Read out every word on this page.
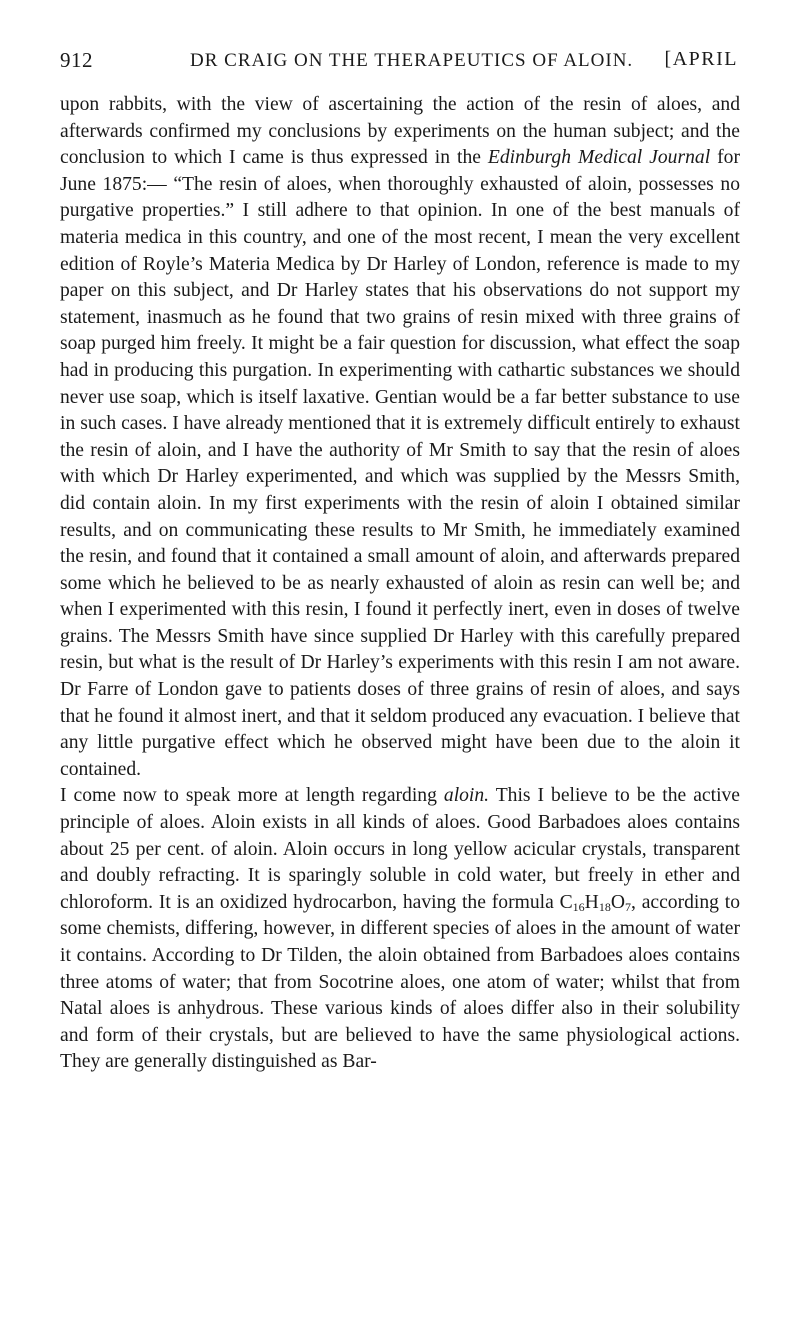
912	DR CRAIG ON THE THERAPEUTICS OF ALOIN. [APRIL

upon rabbits, with the view of ascertaining the action of the resin of aloes, and afterwards confirmed my conclusions by experiments on the human subject; and the conclusion to which I came is thus expressed in the Edinburgh Medical Journal for June 1875:— “The resin of aloes, when thoroughly exhausted of aloin, possesses no purgative properties.” I still adhere to that opinion. In one of the best manuals of materia medica in this country, and one of the most recent, I mean the very excellent edition of Royle’s Materia Medica by Dr Harley of London, reference is made to my paper on this subject, and Dr Harley states that his observations do not support my statement, inasmuch as he found that two grains of resin mixed with three grains of soap purged him freely. It might be a fair question for discussion, what effect the soap had in producing this purgation. In experimenting with cathartic substances we should never use soap, which is itself laxative. Gentian would be a far better substance to use in such cases. I have already mentioned that it is extremely difficult entirely to exhaust the resin of aloin, and I have the authority of Mr Smith to say that the resin of aloes with which Dr Harley experimented, and which was supplied by the Messrs Smith, did contain aloin. In my first experiments with the resin of aloin I obtained similar results, and on communicating these results to Mr Smith, he immediately examined the resin, and found that it contained a small amount of aloin, and afterwards prepared some which he believed to be as nearly exhausted of aloin as resin can well be; and when I experimented with this resin, I found it perfectly inert, even in doses of twelve grains. The Messrs Smith have since supplied Dr Harley with this carefully prepared resin, but what is the result of Dr Harley’s experiments with this resin I am not aware. Dr Farre of London gave to patients doses of three grains of resin of aloes, and says that he found it almost inert, and that it seldom produced any evacuation. I believe that any little purgative effect which he observed might have been due to the aloin it contained.

I come now to speak more at length regarding aloin. This I believe to be the active principle of aloes. Aloin exists in all kinds of aloes. Good Barbadoes aloes contains about 25 per cent. of aloin. Aloin occurs in long yellow acicular crystals, transparent and doubly refracting. It is sparingly soluble in cold water, but freely in ether and chloroform. It is an oxidized hydrocarbon, having the formula $C_{16}H_{18}O_7$, according to some chemists, differing, however, in different species of aloes in the amount of water it contains. According to Dr Tilden, the aloin obtained from Barbadoes aloes contains three atoms of water; that from Socotrine aloes, one atom of water; whilst that from Natal aloes is anhydrous. These various kinds of aloes differ also in their solubility and form of their crystals, but are believed to have the same physiological actions. They are generally distinguished as Bar-
